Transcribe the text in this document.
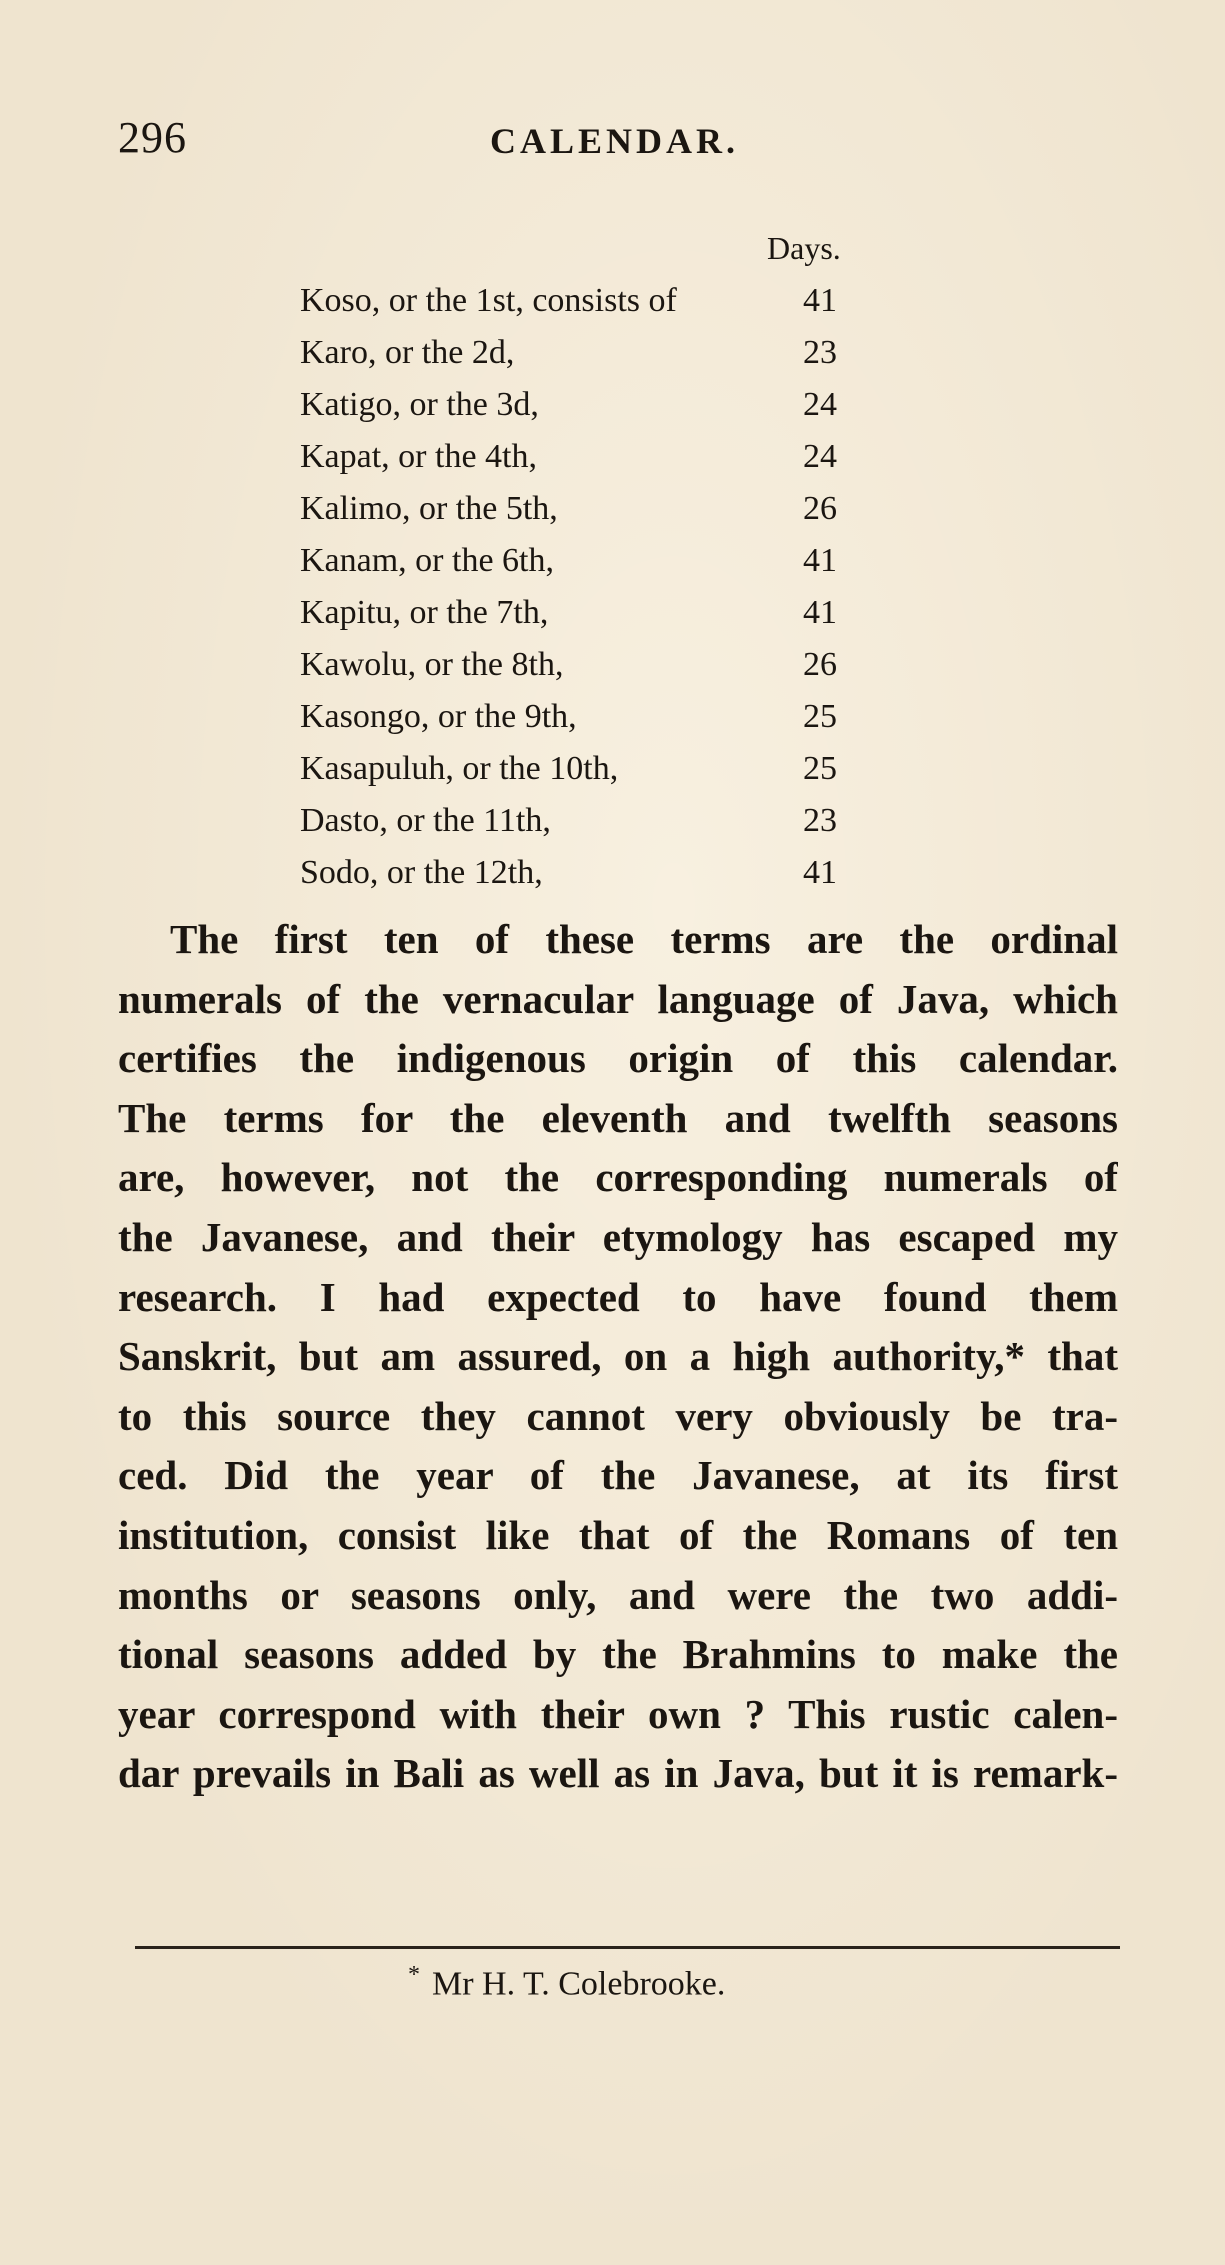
296	CALENDAR.
Days.
Koso, or the 1st, consists of	41
Karo, or the 2d,	23
Katigo, or the 3d,	24
Kapat, or the 4th,	24
Kalimo, or the 5th,	26
Kanam, or the 6th,	41
Kapitu, or the 7th,	41
Kawolu, or the 8th,	26
Kasongo, or the 9th,	25
Kasapuluh, or the 10th,	25
Dasto, or the 11th,	23
Sodo, or the 12th,	41
The first ten of these terms are the ordinal
numerals of the vernacular language of Java, which
certifies the indigenous origin of this calendar.
The terms for the eleventh and twelfth seasons
are, however, not the corresponding numerals of
the Javanese, and their etymology has escaped my
research. I had expected to have found them
Sanskrit, but am assured, on a high authority,* that
to this source they cannot very obviously be tra-
ced. Did the year of the Javanese, at its first
institution, consist like that of the Romans of ten
months or seasons only, and were the two addi-
tional seasons added by the Brahmins to make the
year correspond with their own ? This rustic calen-
dar prevails in Bali as well as in Java, but it is remark-
* Mr H. T. Colebrooke.
